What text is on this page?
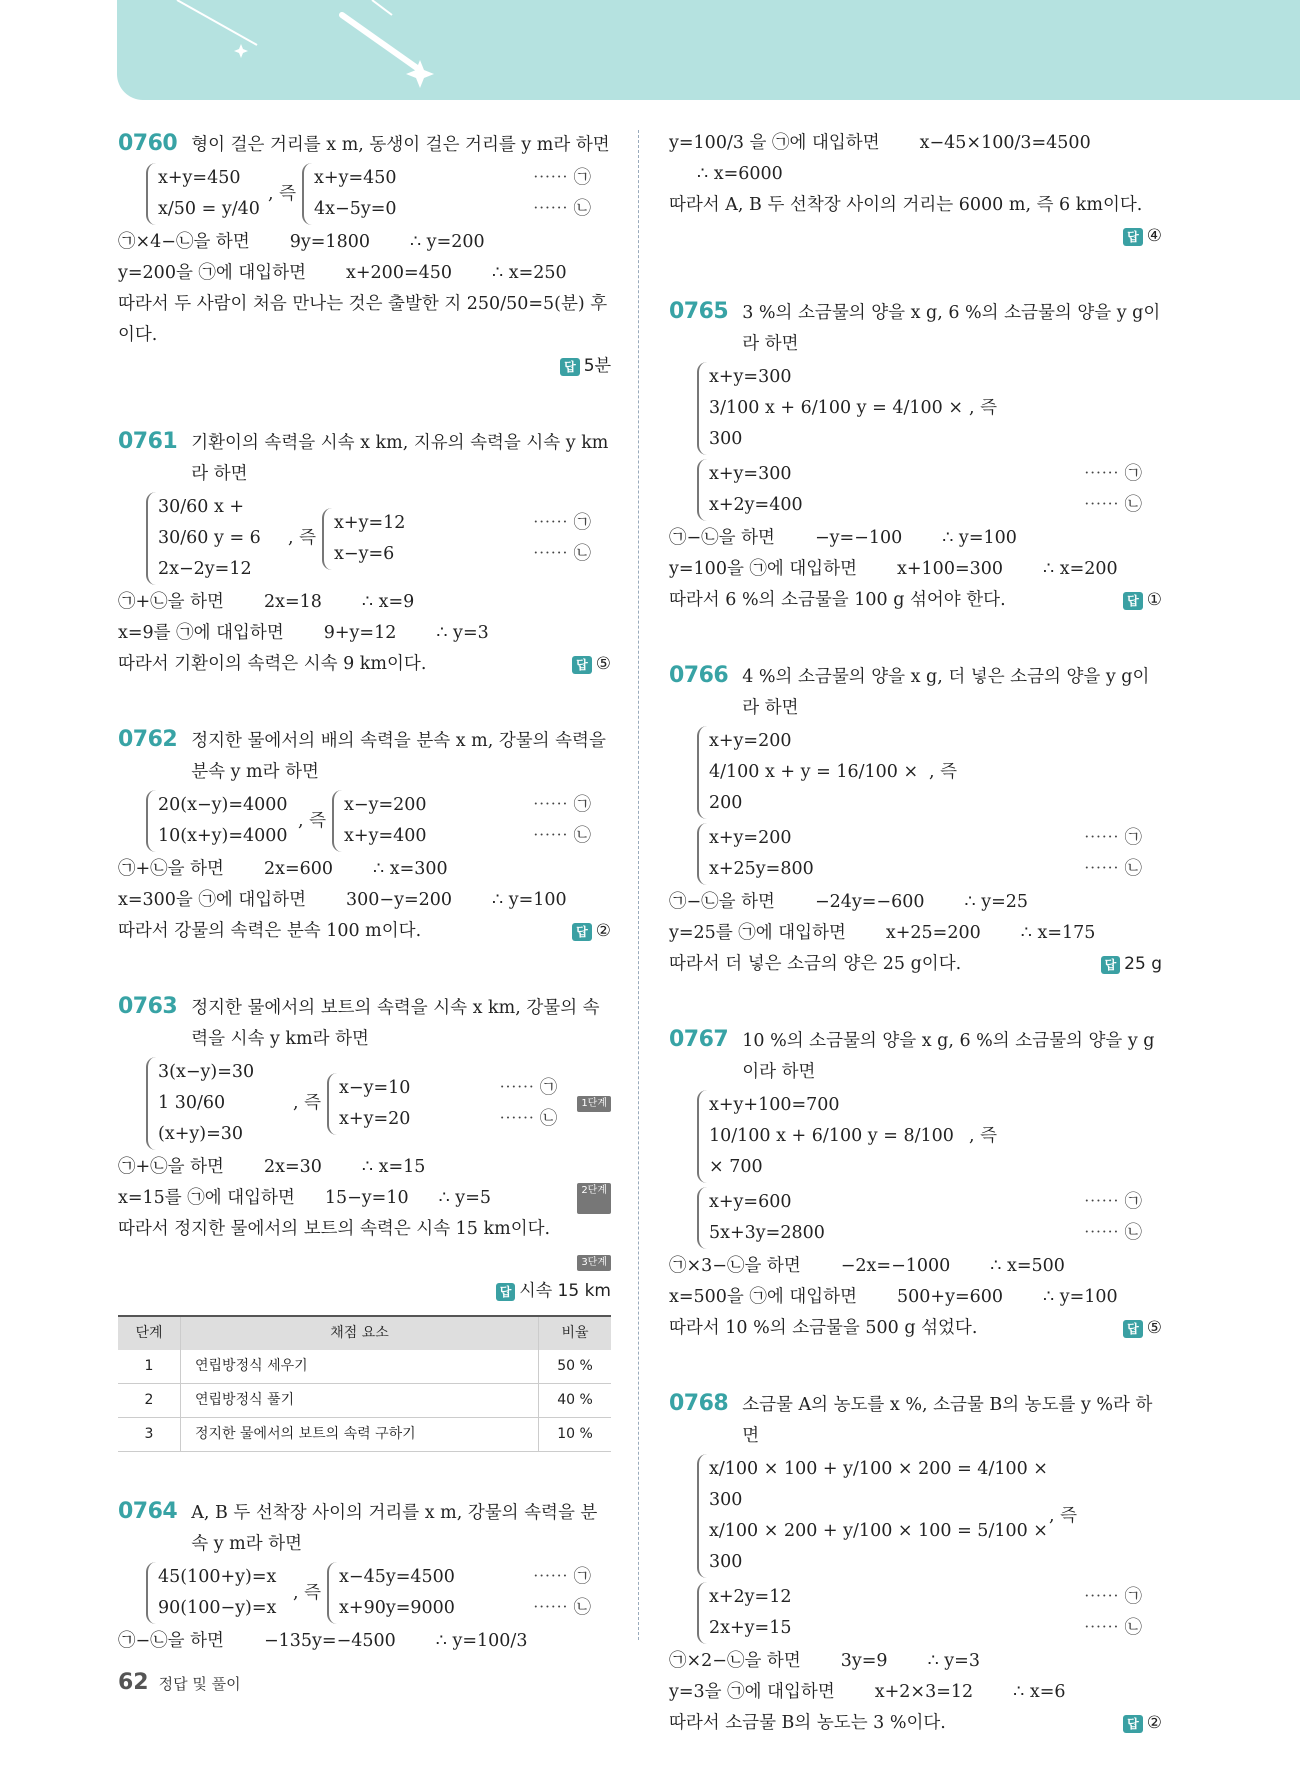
0760 형이 걸은 거리를 x m, 동생이 걸은 거리를 y m라 하면
x+y=450
x/50 = y/40
, 즉
x+y=450	⋯⋯ ㉠
4x−5y=0	⋯⋯ ㉡
㉠×4−㉡을 하면 9y=1800 ∴ y=200
y=200을 ㉠에 대입하면 x+200=450 ∴ x=250
따라서 두 사람이 처음 만나는 것은 출발한 지 250/50=5(분) 후 이다.
답 5분
0761 기환이의 속력을 시속 x km, 지유의 속력을 시속 y km라 하면
30/60 x + 30/60 y = 6
2x−2y=12
, 즉
x+y=12	⋯⋯ ㉠
x−y=6	⋯⋯ ㉡
㉠+㉡을 하면 2x=18 ∴ x=9
x=9를 ㉠에 대입하면 9+y=12 ∴ y=3
따라서 기환이의 속력은 시속 9 km이다.	답 ⑤
0762 정지한 물에서의 배의 속력을 분속 x m, 강물의 속력을 분속 y m라 하면
20(x−y)=4000
10(x+y)=4000
, 즉
x−y=200	⋯⋯ ㉠
x+y=400	⋯⋯ ㉡
㉠+㉡을 하면 2x=600 ∴ x=300
x=300을 ㉠에 대입하면 300−y=200 ∴ y=100
따라서 강물의 속력은 분속 100 m이다.	답 ②
0763 정지한 물에서의 보트의 속력을 시속 x km, 강물의 속력을 시속 y km라 하면
3(x−y)=30
1 30/60 (x+y)=30
, 즉
x−y=10	⋯⋯ ㉠
x+y=20	⋯⋯ ㉡
1단계
㉠+㉡을 하면 2x=30 ∴ x=15
x=15를 ㉠에 대입하면 15−y=10 ∴ y=5	2단계
따라서 정지한 물에서의 보트의 속력은 시속 15 km이다.
3단계
답 시속 15 km
단계	채점 요소	비율
1	연립방정식 세우기	50 %
2	연립방정식 풀기	40 %
3	정지한 물에서의 보트의 속력 구하기	10 %
0764 A, B 두 선착장 사이의 거리를 x m, 강물의 속력을 분속 y m라 하면
45(100+y)=x
90(100−y)=x
, 즉
x−45y=4500	⋯⋯ ㉠
x+90y=9000	⋯⋯ ㉡
㉠−㉡을 하면 −135y=−4500 ∴ y=100/3
y=100/3 을 ㉠에 대입하면 x−45×100/3=4500
∴ x=6000
따라서 A, B 두 선착장 사이의 거리는 6000 m, 즉 6 km이다.
답 ④
0765 3 %의 소금물의 양을 x g, 6 %의 소금물의 양을 y g이라 하면
x+y=300
3/100 x + 6/100 y = 4/100 × 300
, 즉
x+y=300	⋯⋯ ㉠
x+2y=400	⋯⋯ ㉡
㉠−㉡을 하면 −y=−100 ∴ y=100
y=100을 ㉠에 대입하면 x+100=300 ∴ x=200
따라서 6 %의 소금물을 100 g 섞어야 한다.	답 ①
0766 4 %의 소금물의 양을 x g, 더 넣은 소금의 양을 y g이라 하면
x+y=200
4/100 x + y = 16/100 × 200
, 즉
x+y=200	⋯⋯ ㉠
x+25y=800	⋯⋯ ㉡
㉠−㉡을 하면 −24y=−600 ∴ y=25
y=25를 ㉠에 대입하면 x+25=200 ∴ x=175
따라서 더 넣은 소금의 양은 25 g이다.	답 25 g
0767 10 %의 소금물의 양을 x g, 6 %의 소금물의 양을 y g이라 하면
x+y+100=700
10/100 x + 6/100 y = 8/100 × 700
, 즉
x+y=600	⋯⋯ ㉠
5x+3y=2800	⋯⋯ ㉡
㉠×3−㉡을 하면 −2x=−1000 ∴ x=500
x=500을 ㉠에 대입하면 500+y=600 ∴ y=100
따라서 10 %의 소금물을 500 g 섞었다.	답 ⑤
0768 소금물 A의 농도를 x %, 소금물 B의 농도를 y %라 하면
x/100 × 100 + y/100 × 200 = 4/100 × 300
x/100 × 200 + y/100 × 100 = 5/100 × 300
, 즉
x+2y=12	⋯⋯ ㉠
2x+y=15	⋯⋯ ㉡
㉠×2−㉡을 하면 3y=9 ∴ y=3
y=3을 ㉠에 대입하면 x+2×3=12 ∴ x=6
따라서 소금물 B의 농도는 3 %이다.	답 ②
62 정답 및 풀이
